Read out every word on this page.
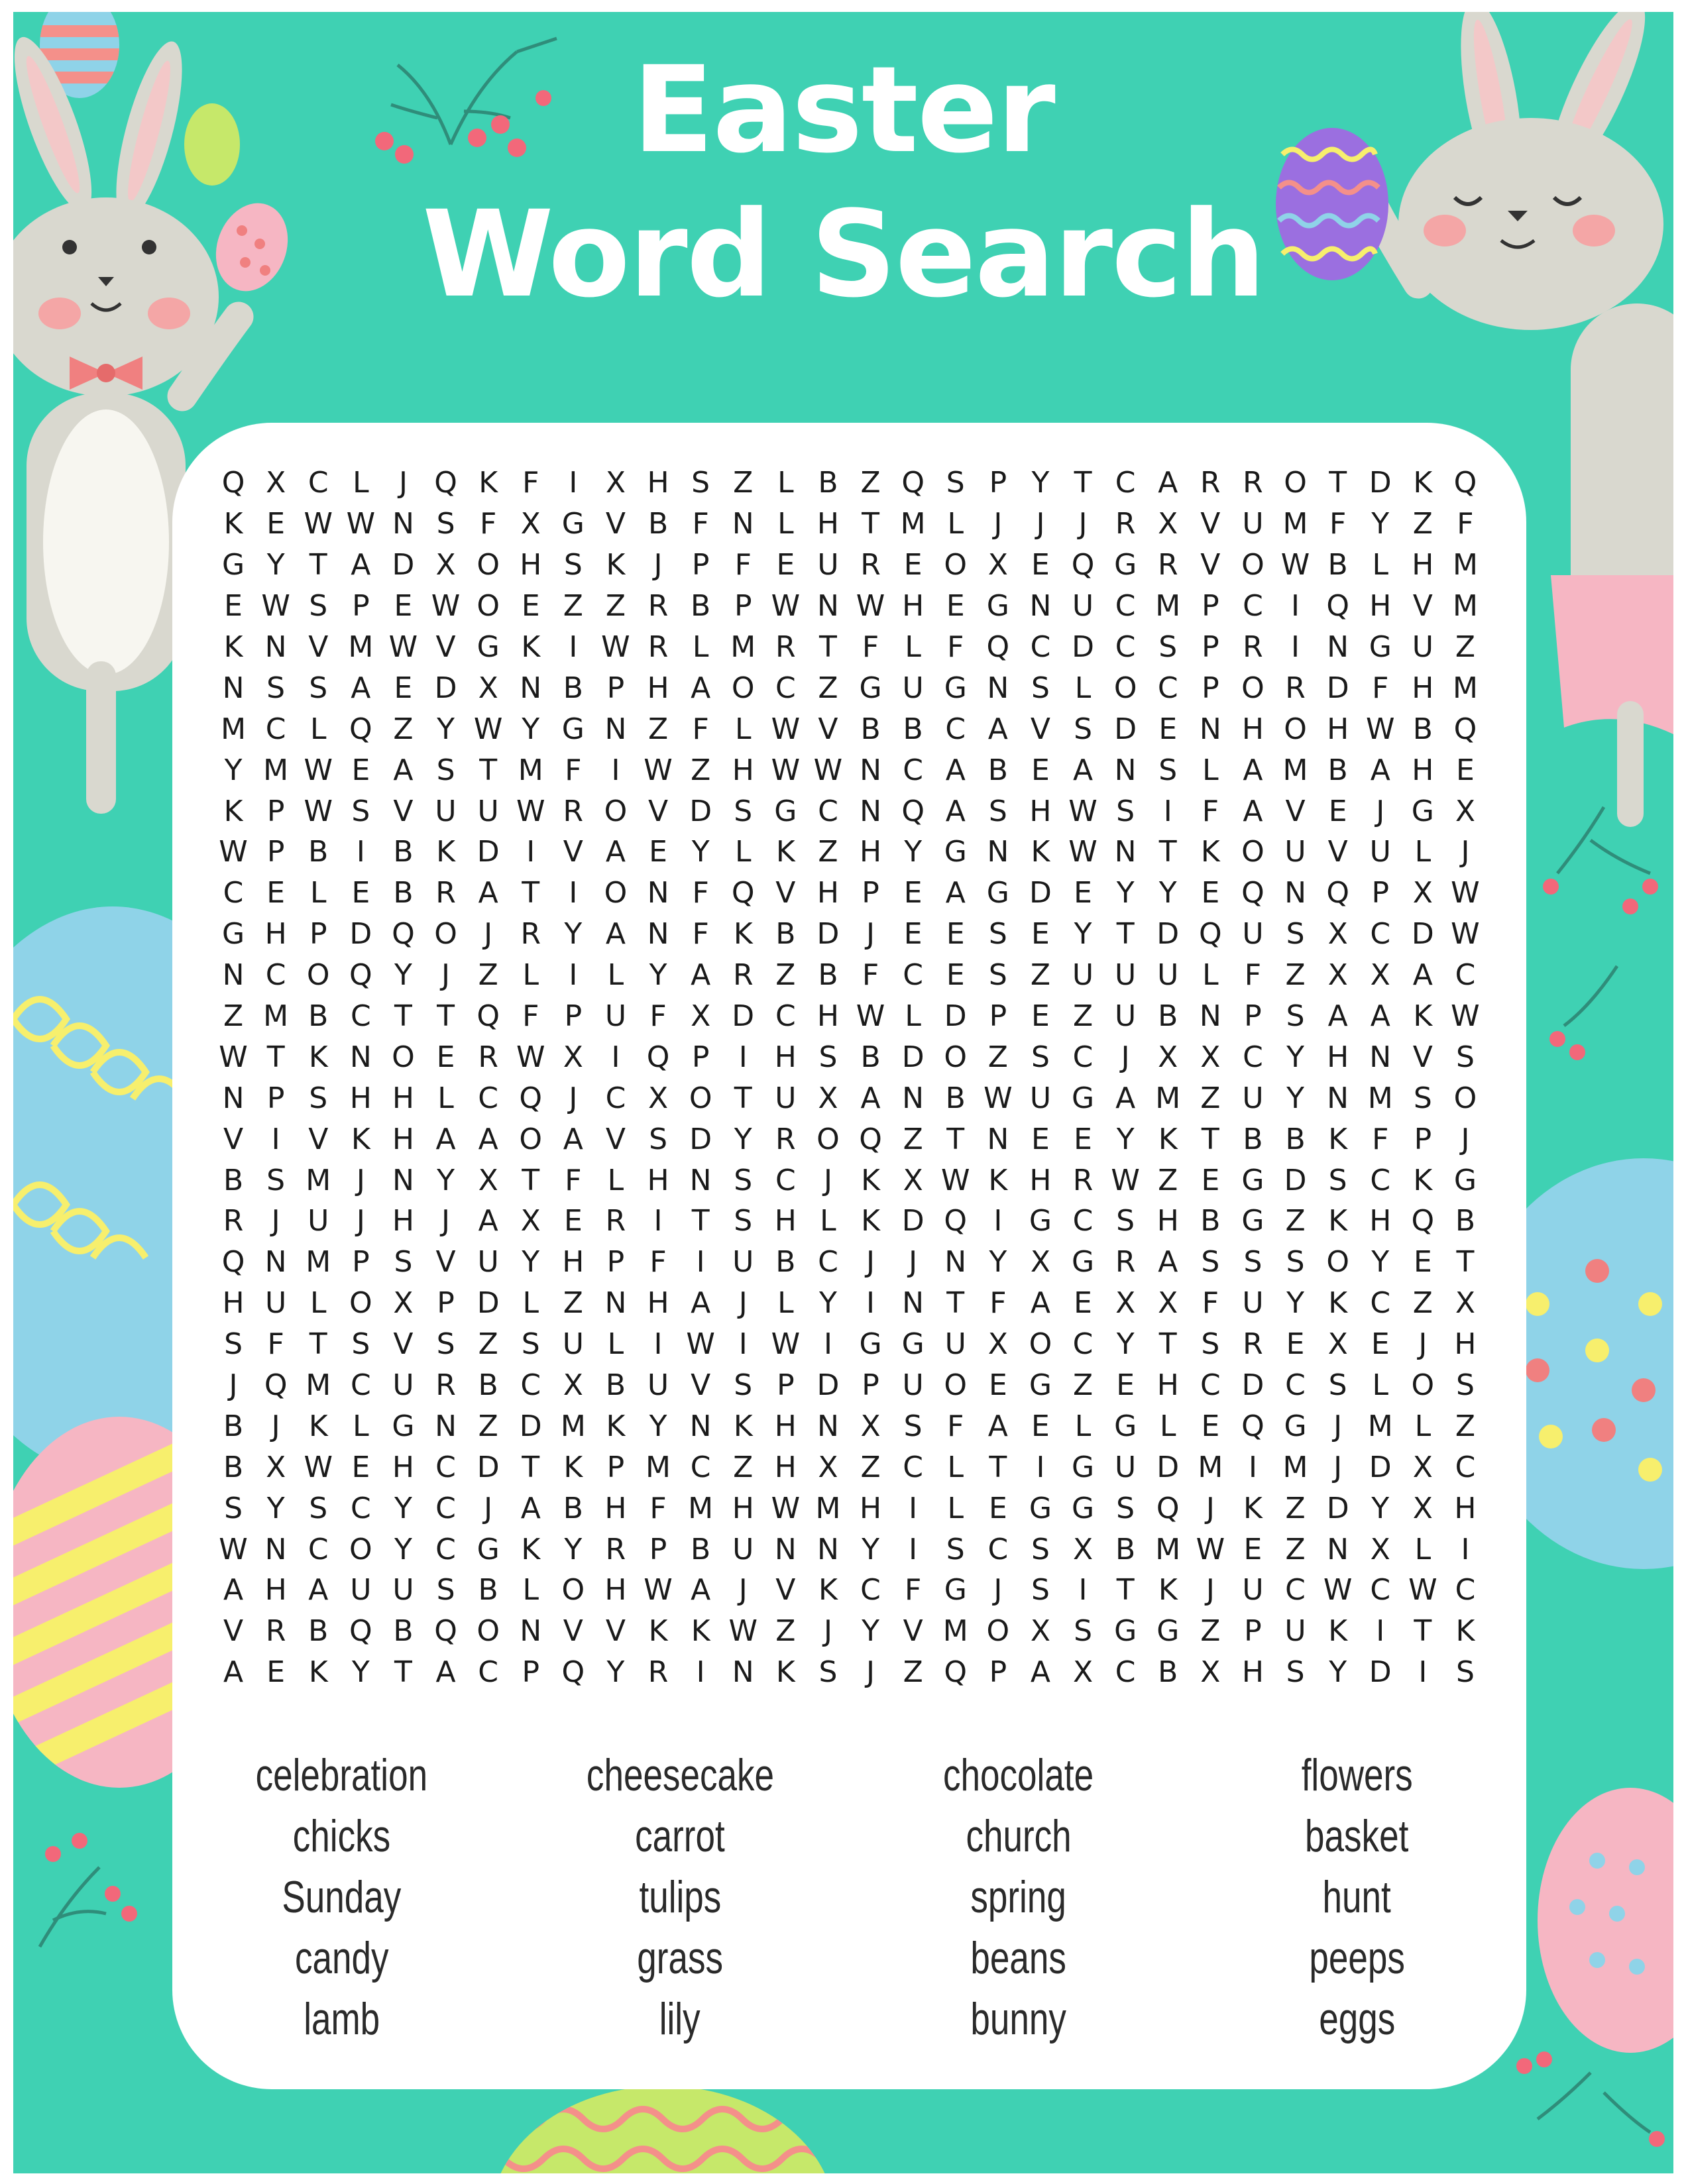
Easter
Word Search
Q X C L	J Q K F	I X H S Z L B Z Q S P Y T C A R R O T D K Q
K E W W N S F X G V B F N L H T M L	J	J	J R X V U M F Y Z F
G Y T A D X O H S K J	P F E U R E O X E Q G R V O W B L H M
E W S P E W O E Z Z R B P W N W H E G N U C M P C I Q H V M
K N V M W V G K I W R L M R T F L F Q C D C S P R I N G U Z
N S S A E D X N B P H A O C Z G U G N S L O C P O R D F H M
M C L Q Z Y W Y G N Z F L W V B B C A V S D E N H O H W B Q
Y M W E A S T M F	I W Z H W W N C A B E A N S L A M B A H E
K P W S V U U W R O V D S G C N Q A S H W S I	F A V E J G X
W P B I B K D I V A E Y L K Z H Y G N K W N T K O U V U L	J
C E L E B R A T	I O N F Q V H P E A G D E Y Y E Q N Q P X W
G H P D Q O J R Y A N F K B D J E E S E Y T D Q U S X C D W
N C O Q Y	J Z L	I	L Y A R Z B F C E S Z U U U L F Z X X A C
Z M B C T T Q F P U F X D C H W L D P E Z U B N P S A A K W
W T K N O E R W X I Q P	I H S B D O Z S C J X X C Y H N V S
N P S H H L C Q J C X O T U X A N B W U G A M Z U Y N M S O
V I V K H A A O A V S D Y R O Q Z T N E E Y K T B B K F P	J
B S M J N Y X T F L H N S C J K X W K H R W Z E G D S C K G
R J U J H J A X E R I	T S H L K D Q I G C S H B G Z K H Q B
Q N M P S V U Y H P F	I U B C J	J N Y X G R A S S S O Y E T
H U L O X P D L Z N H A J	L Y	I N T F A E X X F U Y K C Z X
S F T S V S Z S U L	I W I W I G G U X O C Y T S R E X E J H
J Q M C U R B C X B U V S P D P U O E G Z E H C D C S L O S
B J K L G N Z D M K Y N K H N X S F A E L G L E Q G J M L Z
B X W E H C D T K P M C Z H X Z C L T	I G U D M I M J D X C
S Y S C Y C J A B H F M H W M H I	L E G G S Q J K Z D Y X H
W N C O Y C G K Y R P B U N N Y	I S C S X B M W E Z N X L	I
A H A U U S B L O H W A J V K C F G J S I	T K J U C W C W C
V R B Q B Q O N V V K K W Z J	Y V M O X S G G Z P U K I	T K
A E K Y T A C P Q Y R I N K S J Z Q P A X C B X H S Y D I S
celebration
chicks
Sunday
candy
lamb
cheesecake
carrot
tulips
grass
lily
chocolate
church
spring
beans
bunny
flowers
basket
hunt
peeps
eggs
